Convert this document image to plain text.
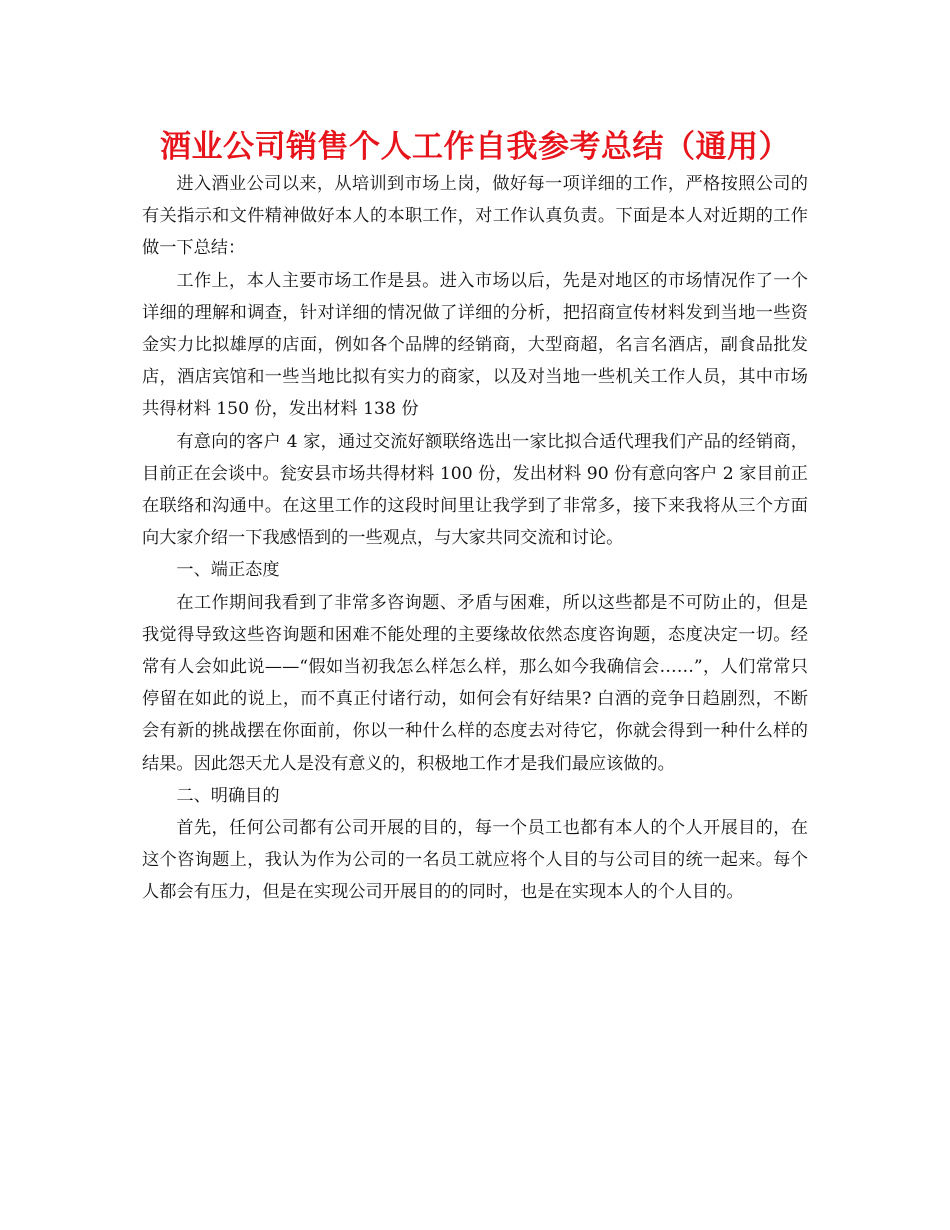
酒业公司销售个人工作自我参考总结（通用）

进入酒业公司以来，从培训到市场上岗，做好每一项详细的工作，严格按照公司的有关指示和文件精神做好本人的本职工作，对工作认真负责。下面是本人对近期的工作做一下总结：

工作上，本人主要市场工作是县。进入市场以后，先是对地区的市场情况作了一个详细的理解和调查，针对详细的情况做了详细的分析，把招商宣传材料发到当地一些资金实力比拟雄厚的店面，例如各个品牌的经销商，大型商超，名言名酒店，副食品批发店，酒店宾馆和一些当地比拟有实力的商家，以及对当地一些机关工作人员，其中市场共得材料 150 份，发出材料 138 份

有意向的客户 4 家，通过交流好额联络选出一家比拟合适代理我们产品的经销商，目前正在会谈中。瓮安县市场共得材料 100 份，发出材料 90 份有意向客户 2 家目前正在联络和沟通中。在这里工作的这段时间里让我学到了非常多，接下来我将从三个方面向大家介绍一下我感悟到的一些观点，与大家共同交流和讨论。

一、端正态度

在工作期间我看到了非常多咨询题、矛盾与困难，所以这些都是不可防止的，但是我觉得导致这些咨询题和困难不能处理的主要缘故依然态度咨询题，态度决定一切。经常有人会如此说——“假如当初我怎么样怎么样，那么如今我确信会……”，人们常常只停留在如此的说上，而不真正付诸行动，如何会有好结果? 白酒的竞争日趋剧烈，不断会有新的挑战摆在你面前，你以一种什么样的态度去对待它，你就会得到一种什么样的结果。因此怨天尤人是没有意义的，积极地工作才是我们最应该做的。

二、明确目的

首先，任何公司都有公司开展的目的，每一个员工也都有本人的个人开展目的，在这个咨询题上，我认为作为公司的一名员工就应将个人目的与公司目的统一起来。每个人都会有压力，但是在实现公司开展目的的同时，也是在实现本人的个人目的。
